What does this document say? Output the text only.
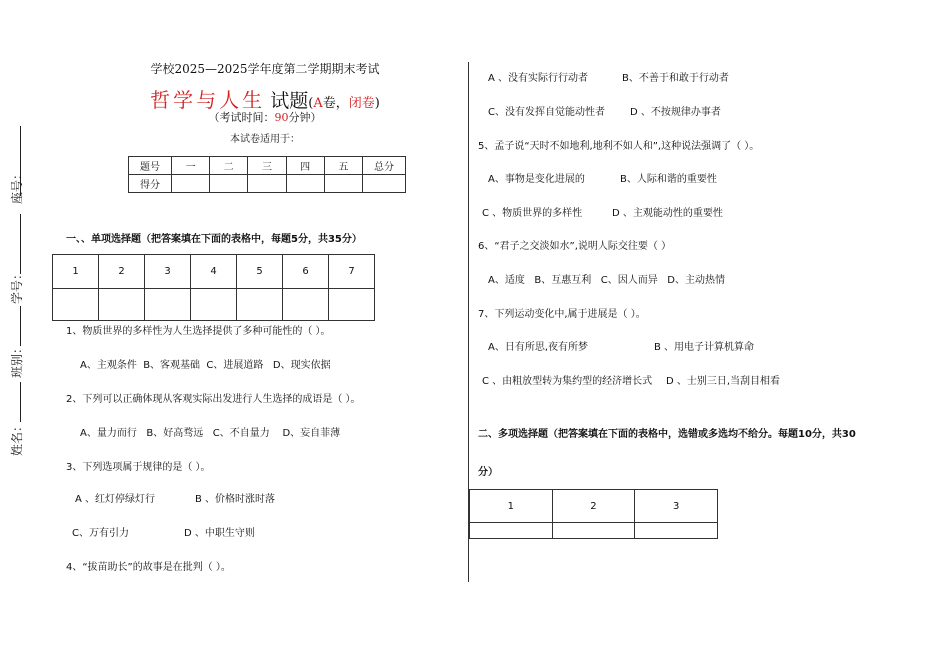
座号：
学号：
班别：
姓名：
学校2025—2025学年度第二学期期末考试
哲学与人生 试题(A卷，闭卷)
（考试时间：90分钟）
本试卷适用于：
题号	一	二	三	四	五	总分
得分						
一、、单项选择题（把答案填在下面的表格中，每题5分，共35分）
1	2	3	4	5	6	7

1、物质世界的多样性为人生选择提供了多种可能性的（ ）。
A、主观条件  B、客观基础  C、进展道路   D、现实依据
2、下列可以正确体现从客观实际出发进行人生选择的成语是（ ）。
A、量力而行   B、好高骛远   C、不自量力    D、妄自菲薄
3、下列选项属于规律的是（ ）。
A 、红灯停绿灯行	B 、价格时涨时落
C、万有引力	D 、中职生守则
4、“拔苗助长”的故事是在批判（ ）。
A 、没有实际行行动者	B、不善于和敢于行动者
C、没有发挥自觉能动性者	D 、不按规律办事者
5、孟子说“天时不如地利,地利不如人和”,这种说法强调了（ ）。
A、事物是变化进展的	B、人际和谐的重要性
C 、物质世界的多样性	D 、主观能动性的重要性
6、“君子之交淡如水”,说明人际交往要（ ）
A、适度   B、互惠互利   C、因人而异   D、主动热情
7、下列运动变化中,属于进展是（ ）。
A、日有所思,夜有所梦	B 、用电子计算机算命
C 、由粗放型转为集约型的经济增长式 D 、士别三日,当刮目相看
二、多项选择题（把答案填在下面的表格中，选错或多选均不给分。每题10分，共30
分）
1	2	3
